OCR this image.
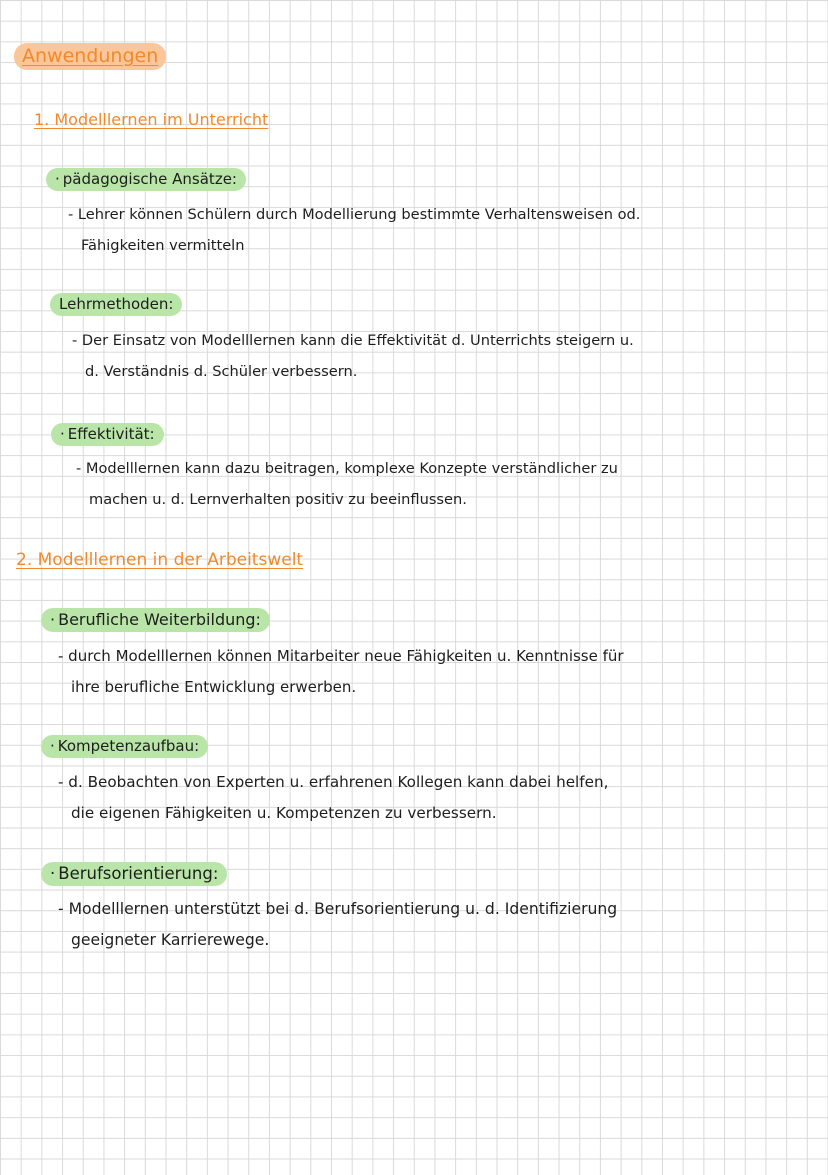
Anwendungen
1. Modelllernen im Unterricht
· pädagogische Ansätze:
- Lehrer können Schülern durch Modellierung bestimmte Verhaltensweisen od.
Fähigkeiten vermitteln
Lehrmethoden:
- Der Einsatz von Modelllernen kann die Effektivität d. Unterrichts steigern u.
d. Verständnis d. Schüler verbessern.
· Effektivität:
- Modelllernen kann dazu beitragen, komplexe Konzepte verständlicher zu
machen u. d. Lernverhalten positiv zu beeinflussen.
2. Modelllernen in der Arbeitswelt
· Berufliche Weiterbildung:
- durch Modelllernen können Mitarbeiter neue Fähigkeiten u. Kenntnisse für
ihre berufliche Entwicklung erwerben.
· Kompetenzaufbau:
- d. Beobachten von Experten u. erfahrenen Kollegen kann dabei helfen,
die eigenen Fähigkeiten u. Kompetenzen zu verbessern.
· Berufsorientierung:
- Modelllernen unterstützt bei d. Berufsorientierung u. d. Identifizierung
geeigneter Karrierewege.
